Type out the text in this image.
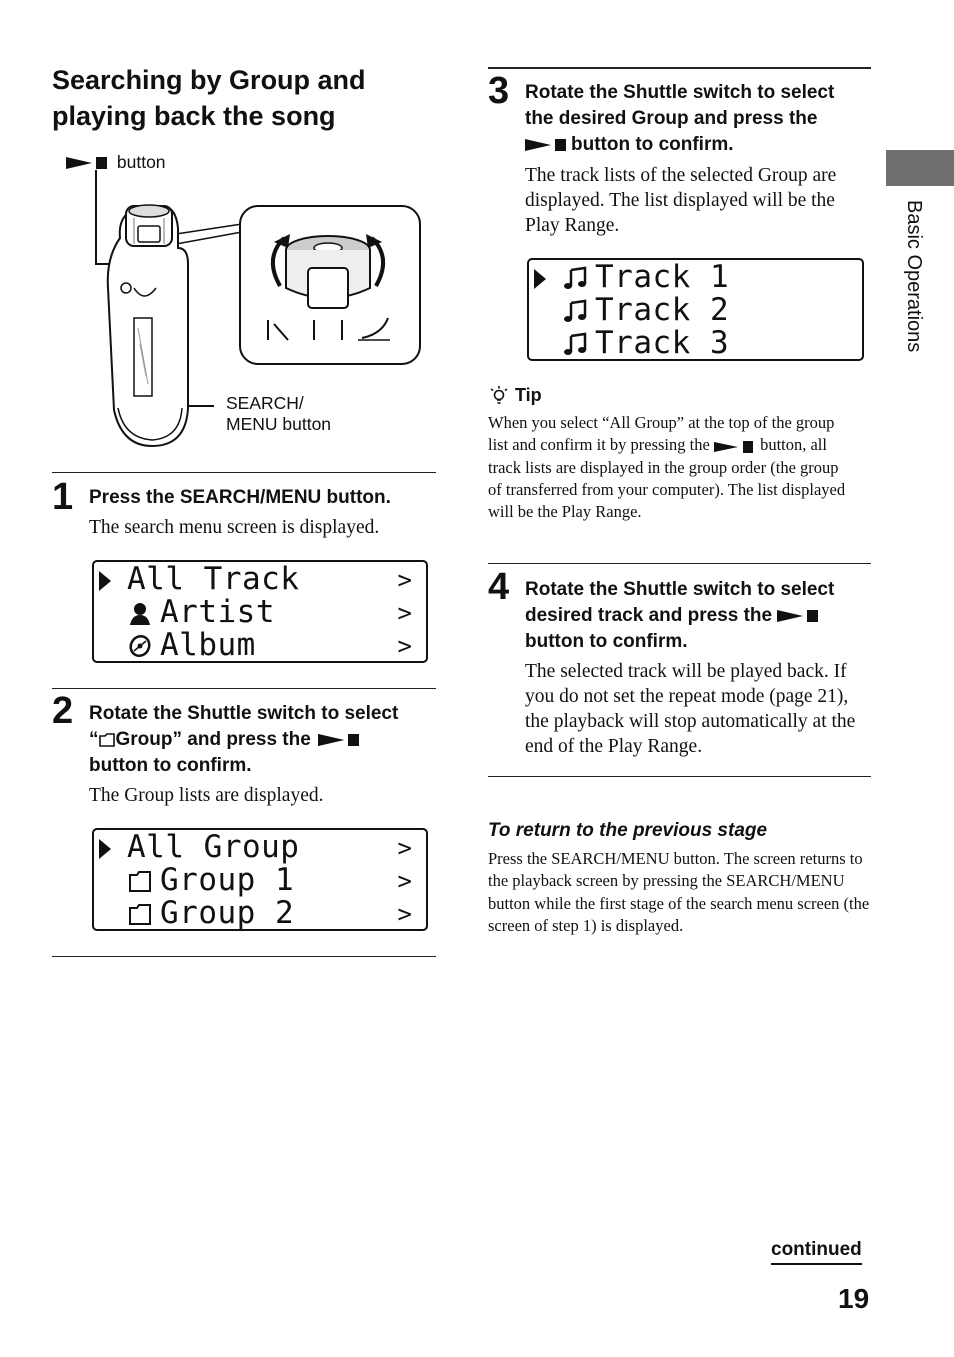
Searching by Group and playing back the song
Basic Operations
button
SEARCH/
MENU button
1 Press the SEARCH/MENU button.
The search menu screen is displayed.
All Track	>
Artist	>
Album	>
2 Rotate the Shuttle switch to select
“ Group” and press the
button to confirm.
The Group lists are displayed.
All Group	>
Group 1	>
Group 2	>
3 Rotate the Shuttle switch to select
the desired Group and press the
button to confirm.
The track lists of the selected Group are displayed. The list displayed will be the Play Range.
Track 1
Track 2
Track 3
Tip
When you select “All Group” at the top of the group list and confirm it by pressing the	button, all track lists are displayed in the group order (the group of transferred from your computer). The list displayed will be the Play Range.
4 Rotate the Shuttle switch to select
desired track and press the
button to confirm.
The selected track will be played back. If you do not set the repeat mode (page 21), the playback will stop automatically at the end of the Play Range.
To return to the previous stage
Press the SEARCH/MENU button. The screen returns to the playback screen by pressing the SEARCH/MENU button while the first stage of the search menu screen (the screen of step 1) is displayed.
continued
19
